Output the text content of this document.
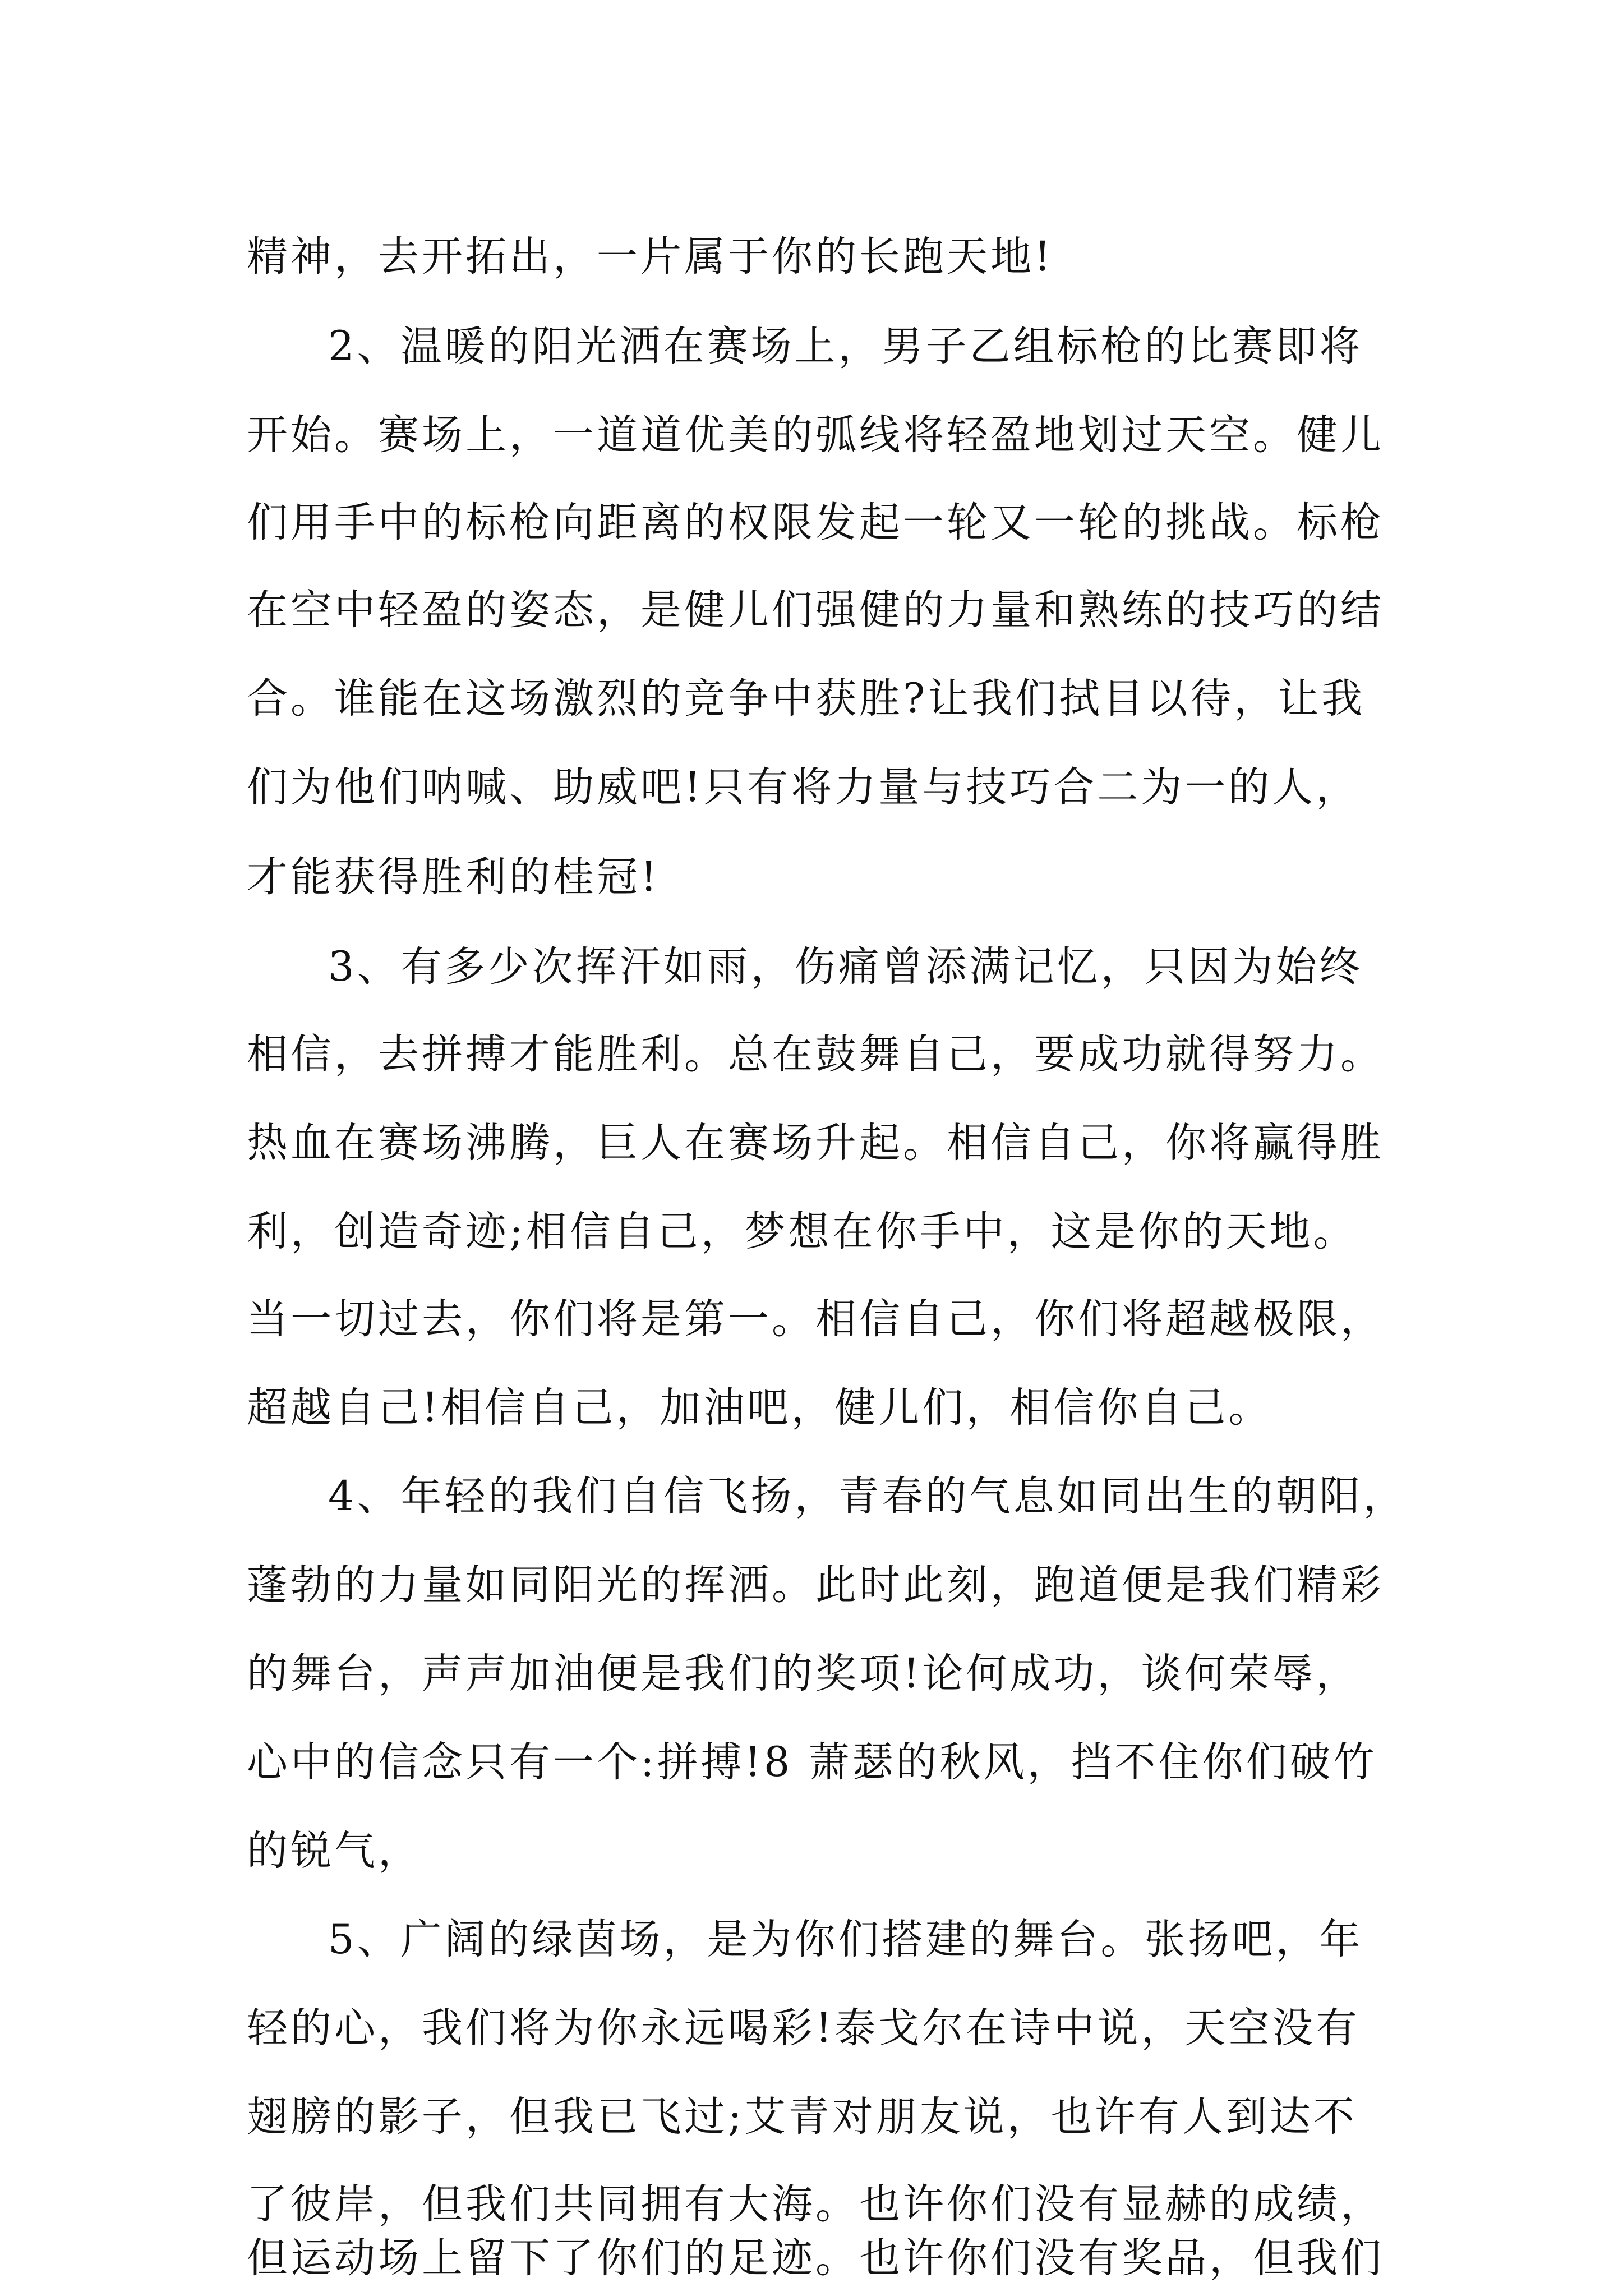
精神，去开拓出，一片属于你的长跑天地!
2、温暖的阳光洒在赛场上，男子乙组标枪的比赛即将
开始。赛场上，一道道优美的弧线将轻盈地划过天空。健儿
们用手中的标枪向距离的权限发起一轮又一轮的挑战。标枪
在空中轻盈的姿态，是健儿们强健的力量和熟练的技巧的结
合。谁能在这场激烈的竞争中获胜?让我们拭目以待，让我
们为他们呐喊、助威吧!只有将力量与技巧合二为一的人，
才能获得胜利的桂冠!
3、有多少次挥汗如雨，伤痛曾添满记忆，只因为始终
相信，去拼搏才能胜利。总在鼓舞自己，要成功就得努力。
热血在赛场沸腾，巨人在赛场升起。相信自己，你将赢得胜
利，创造奇迹;相信自己，梦想在你手中，这是你的天地。
当一切过去，你们将是第一。相信自己，你们将超越极限，
超越自己!相信自己，加油吧，健儿们，相信你自己。
4、年轻的我们自信飞扬，青春的气息如同出生的朝阳，
蓬勃的力量如同阳光的挥洒。此时此刻，跑道便是我们精彩
的舞台，声声加油便是我们的奖项!论何成功，谈何荣辱，
心中的信念只有一个:拼搏!8 萧瑟的秋风，挡不住你们破竹
的锐气，
5、广阔的绿茵场，是为你们搭建的舞台。张扬吧，年
轻的心，我们将为你永远喝彩!泰戈尔在诗中说，天空没有
翅膀的影子，但我已飞过;艾青对朋友说，也许有人到达不
了彼岸，但我们共同拥有大海。也许你们没有显赫的成绩，
但运动场上留下了你们的足迹。也许你们没有奖品，但我们
